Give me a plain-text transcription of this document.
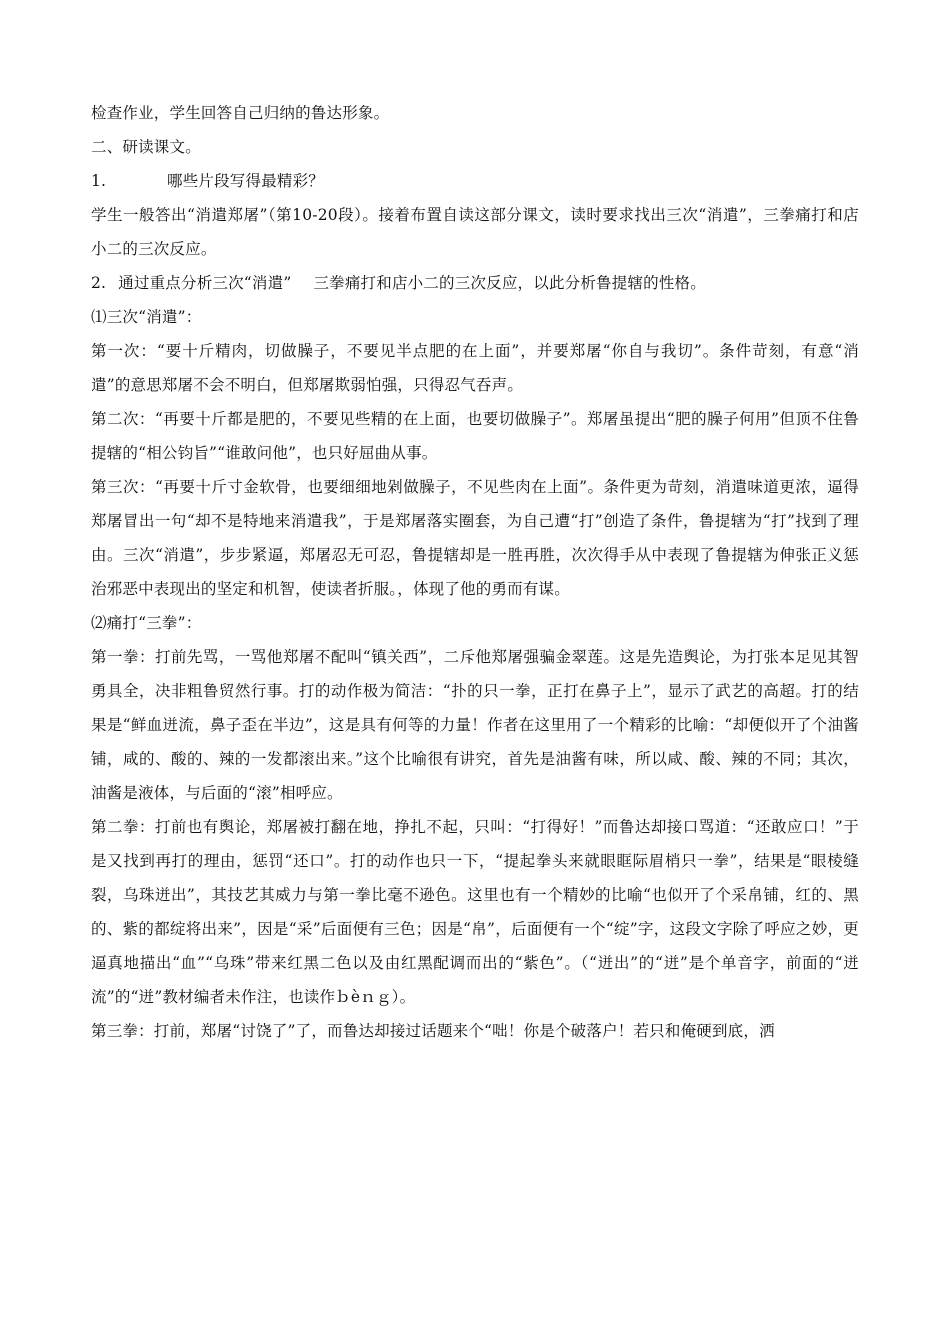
检查作业，学生回答自己归纳的鲁达形象。

二、研读课文。

1.	哪些片段写得最精彩？

学生一般答出“消遣郑屠”（第10-20段）。接着布置自读这部分课文，读时要求找出三次“消遣”，三拳痛打和店小二的三次反应。

2. 通过重点分析三次“消遣” 三拳痛打和店小二的三次反应，以此分析鲁提辖的性格。

⑴三次“消遣”：

第一次：“要十斤精肉，切做臊子，不要见半点肥的在上面”，并要郑屠“你自与我切”。条件苛刻，有意“消遣”的意思郑屠不会不明白，但郑屠欺弱怕强，只得忍气吞声。

第二次：“再要十斤都是肥的，不要见些精的在上面，也要切做臊子”。郑屠虽提出“肥的臊子何用”但顶不住鲁提辖的“相公钧旨”“谁敢问他”，也只好屈曲从事。

第三次：“再要十斤寸金软骨，也要细细地剁做臊子，不见些肉在上面”。条件更为苛刻，消遣味道更浓，逼得郑屠冒出一句“却不是特地来消遣我”，于是郑屠落实圈套，为自己遭“打”创造了条件，鲁提辖为“打”找到了理由。三次“消遣”，步步紧逼，郑屠忍无可忍，鲁提辖却是一胜再胜，次次得手从中表现了鲁提辖为伸张正义惩治邪恶中表现出的坚定和机智，使读者折服。，体现了他的勇而有谋。

⑵痛打“三拳”：

第一拳：打前先骂，一骂他郑屠不配叫“镇关西”，二斥他郑屠强骗金翠莲。这是先造舆论，为打张本足见其智勇具全，决非粗鲁贸然行事。打的动作极为简洁：“扑的只一拳，正打在鼻子上”，显示了武艺的高超。打的结果是“鲜血迸流，鼻子歪在半边”，这是具有何等的力量！作者在这里用了一个精彩的比喻：“却便似开了个油酱铺，咸的、酸的、辣的一发都滚出来。”这个比喻很有讲究，首先是油酱有味，所以咸、酸、辣的不同；其次，油酱是液体，与后面的“滚”相呼应。

第二拳：打前也有舆论，郑屠被打翻在地，挣扎不起，只叫：“打得好！”而鲁达却接口骂道：“还敢应口！”于是又找到再打的理由，惩罚“还口”。打的动作也只一下，“提起拳头来就眼眶际眉梢只一拳”，结果是“眼棱缝裂，乌珠迸出”，其技艺其威力与第一拳比毫不逊色。这里也有一个精妙的比喻“也似开了个采帛铺，红的、黑的、紫的都绽将出来”，因是“采”后面便有三色；因是“帛”，后面便有一个“绽”字，这段文字除了呼应之妙，更逼真地描出“血”“乌珠”带来红黑二色以及由红黑配调而出的“紫色”。（“迸出”的“迸”是个单音字，前面的“迸流”的“迸”教材编者未作注，也读作ｂèｎｇ）。

第三拳：打前，郑屠“讨饶了”了，而鲁达却接过话题来个“咄！你是个破落户！若只和俺硬到底，洒
